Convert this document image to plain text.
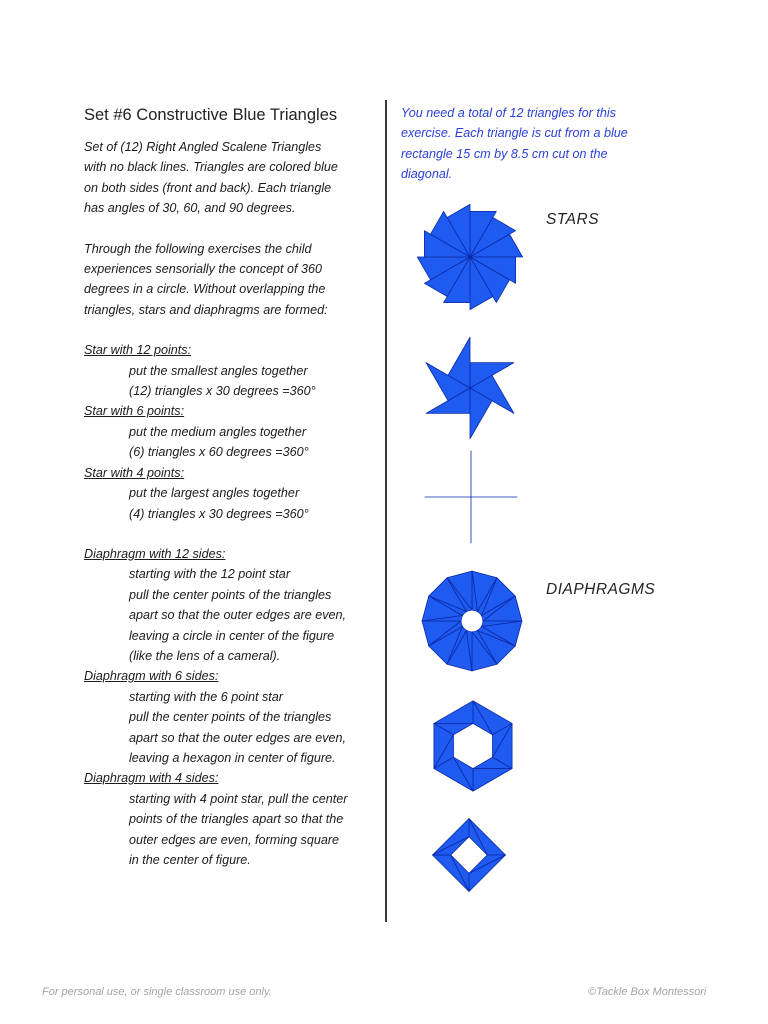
Set #6 Constructive Blue Triangles

Set of (12) Right Angled Scalene Triangles

with no black lines. Triangles are colored blue

on both sides (front and back). Each triangle

has angles of 30, 60, and 90 degrees.

Through the following exercises the child

experiences sensorially the concept of 360

degrees in a circle. Without overlapping the

triangles, stars and diaphragms are formed:

Star with 12 points:

put the smallest angles together

(12) triangles x 30 degrees =360°

Star with 6 points:

put the medium angles together

(6) triangles x 60 degrees =360°

Star with 4 points:

put the largest angles together

(4) triangles x 30 degrees =360°

Diaphragm with 12 sides:

starting with the 12 point star

pull the center points of the triangles

apart so that the outer edges are even,

leaving a circle in center of the figure

(like the lens of a cameral).

Diaphragm with 6 sides:

starting with the 6 point star

pull the center points of the triangles

apart so that the outer edges are even,

leaving a hexagon in center of figure.

Diaphragm with 4 sides:

starting with 4 point star, pull the center

points of the triangles apart so that the

outer edges are even, forming square

in the center of figure.

You need a total of 12 triangles for this

exercise. Each triangle is cut from a blue

rectangle 15 cm by 8.5 cm cut on the

diagonal.

STARS
DIAPHRAGMS
For personal use, or single classroom use only.	©Tackle Box Montessori
